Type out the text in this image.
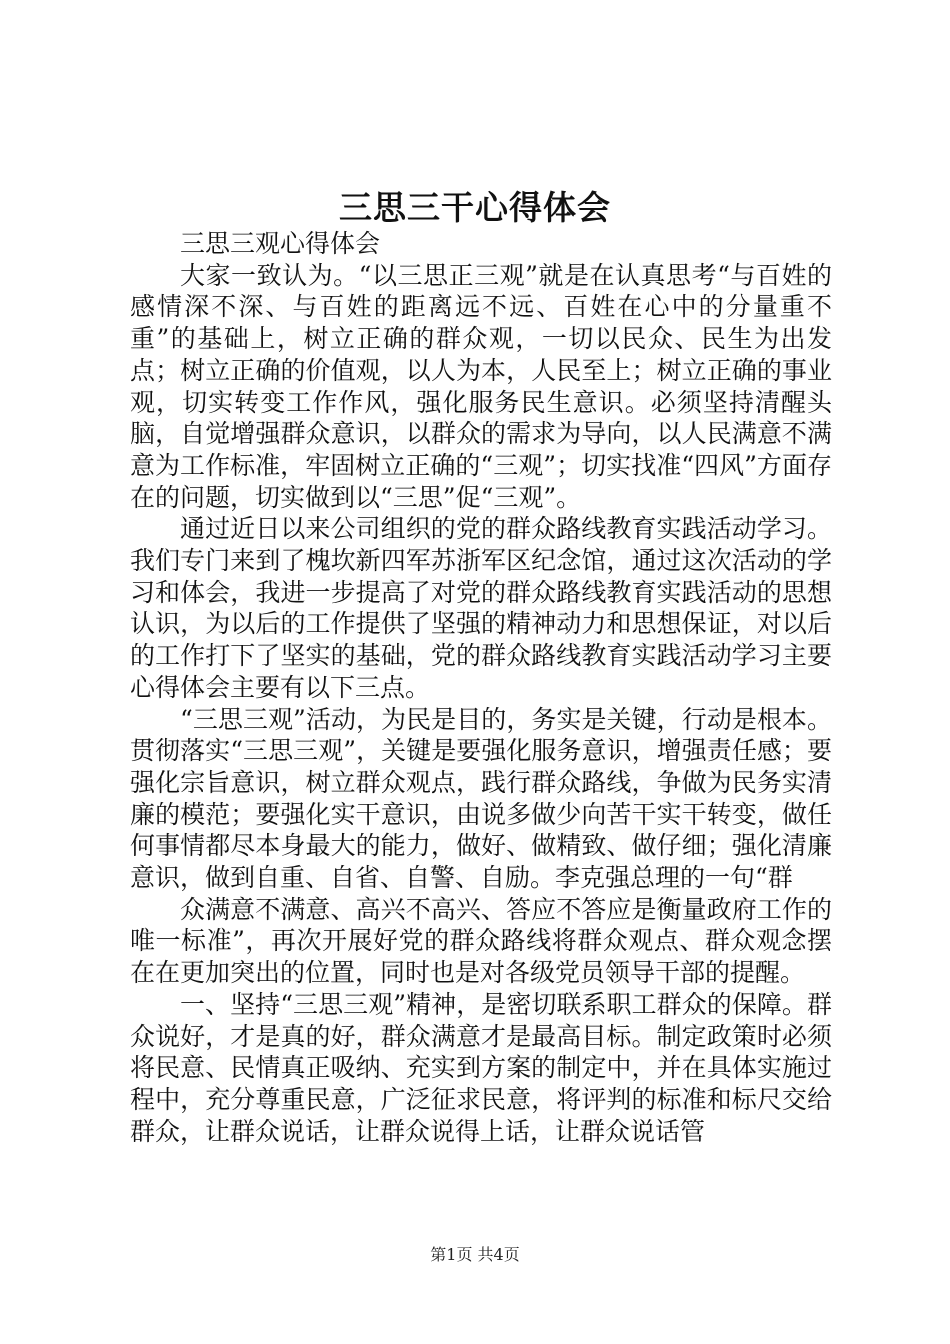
三思三干心得体会

三思三观心得体会

大家一致认为。“以三思正三观”就是在认真思考“与百姓的感情深不深、与百姓的距离远不远、百姓在心中的分量重不重”的基础上，树立正确的群众观，一切以民众、民生为出发点；树立正确的价值观，以人为本，人民至上；树立正确的事业观，切实转变工作作风，强化服务民生意识。必须坚持清醒头脑，自觉增强群众意识，以群众的需求为导向，以人民满意不满意为工作标准，牢固树立正确的“三观”；切实找准“四风”方面存在的问题，切实做到以“三思”促“三观”。

通过近日以来公司组织的党的群众路线教育实践活动学习。我们专门来到了槐坎新四军苏浙军区纪念馆，通过这次活动的学习和体会，我进一步提高了对党的群众路线教育实践活动的思想认识，为以后的工作提供了坚强的精神动力和思想保证，对以后的工作打下了坚实的基础，党的群众路线教育实践活动学习主要心得体会主要有以下三点。

“三思三观”活动，为民是目的，务实是关键，行动是根本。贯彻落实“三思三观”，关键是要强化服务意识，增强责任感；要强化宗旨意识，树立群众观点，践行群众路线，争做为民务实清廉的模范；要强化实干意识，由说多做少向苦干实干转变，做任何事情都尽本身最大的能力，做好、做精致、做仔细；强化清廉意识，做到自重、自省、自警、自励。李克强总理的一句“群

众满意不满意、高兴不高兴、答应不答应是衡量政府工作的唯一标准”，再次开展好党的群众路线将群众观点、群众观念摆在在更加突出的位置，同时也是对各级党员领导干部的提醒。

一、坚持“三思三观”精神，是密切联系职工群众的保障。群众说好，才是真的好，群众满意才是最高目标。制定政策时必须将民意、民情真正吸纳、充实到方案的制定中，并在具体实施过程中，充分尊重民意，广泛征求民意，将评判的标准和标尺交给群众，让群众说话，让群众说得上话，让群众说话管

第1页 共4页
